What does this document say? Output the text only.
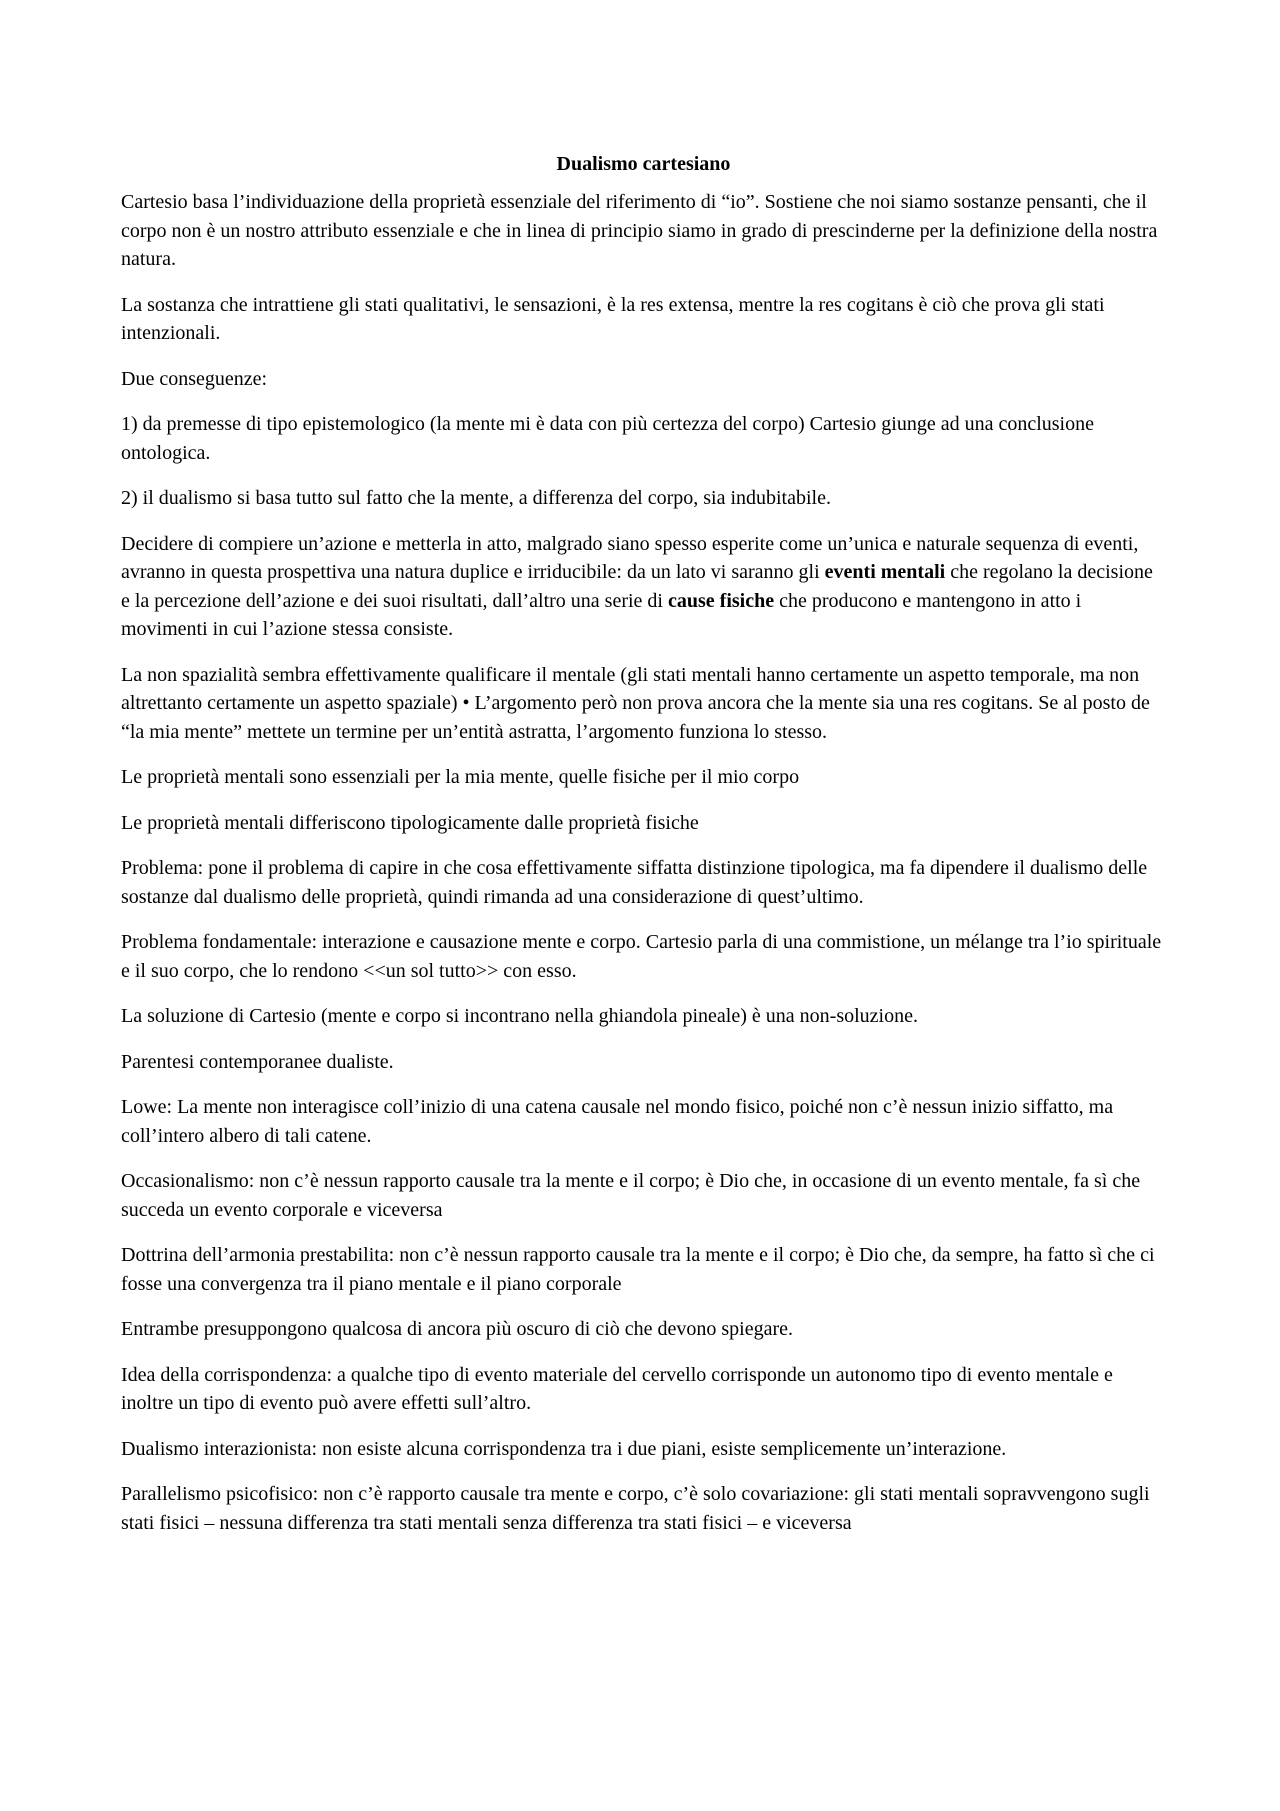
Dualismo cartesiano

Cartesio basa l’individuazione della proprietà essenziale del riferimento di “io”. Sostiene che noi siamo sostanze pensanti, che il corpo non è un nostro attributo essenziale e che in linea di principio siamo in grado di prescinderne per la definizione della nostra natura.

La sostanza che intrattiene gli stati qualitativi, le sensazioni, è la res extensa, mentre la res cogitans è ciò che prova gli stati intenzionali.

Due conseguenze:

1) da premesse di tipo epistemologico (la mente mi è data con più certezza del corpo) Cartesio giunge ad una conclusione ontologica.

2) il dualismo si basa tutto sul fatto che la mente, a differenza del corpo, sia indubitabile.

Decidere di compiere un’azione e metterla in atto, malgrado siano spesso esperite come un’unica e naturale sequenza di eventi, avranno in questa prospettiva una natura duplice e irriducibile: da un lato vi saranno gli eventi mentali che regolano la decisione e la percezione dell’azione e dei suoi risultati, dall’altro una serie di cause fisiche che producono e mantengono in atto i movimenti in cui l’azione stessa consiste.

La non spazialità sembra effettivamente qualificare il mentale (gli stati mentali hanno certamente un aspetto temporale, ma non altrettanto certamente un aspetto spaziale) • L’argomento però non prova ancora che la mente sia una res cogitans. Se al posto de “la mia mente” mettete un termine per un’entità astratta, l’argomento funziona lo stesso.

Le proprietà mentali sono essenziali per la mia mente, quelle fisiche per il mio corpo

Le proprietà mentali differiscono tipologicamente dalle proprietà fisiche

Problema: pone il problema di capire in che cosa effettivamente siffatta distinzione tipologica, ma fa dipendere il dualismo delle sostanze dal dualismo delle proprietà, quindi rimanda ad una considerazione di quest’ultimo.

Problema fondamentale: interazione e causazione mente e corpo. Cartesio parla di una commistione, un mélange tra l’io spirituale e il suo corpo, che lo rendono <<un sol tutto>> con esso.

La soluzione di Cartesio (mente e corpo si incontrano nella ghiandola pineale) è una non-soluzione.

Parentesi contemporanee dualiste.

Lowe: La mente non interagisce coll’inizio di una catena causale nel mondo fisico, poiché non c’è nessun inizio siffatto, ma coll’intero albero di tali catene.

Occasionalismo: non c’è nessun rapporto causale tra la mente e il corpo; è Dio che, in occasione di un evento mentale, fa sì che succeda un evento corporale e viceversa

Dottrina dell’armonia prestabilita: non c’è nessun rapporto causale tra la mente e il corpo; è Dio che, da sempre, ha fatto sì che ci fosse una convergenza tra il piano mentale e il piano corporale

Entrambe presuppongono qualcosa di ancora più oscuro di ciò che devono spiegare.

Idea della corrispondenza: a qualche tipo di evento materiale del cervello corrisponde un autonomo tipo di evento mentale e inoltre un tipo di evento può avere effetti sull’altro.

Dualismo interazionista: non esiste alcuna corrispondenza tra i due piani, esiste semplicemente un’interazione.

Parallelismo psicofisico: non c’è rapporto causale tra mente e corpo, c’è solo covariazione: gli stati mentali sopravvengono sugli stati fisici – nessuna differenza tra stati mentali senza differenza tra stati fisici – e viceversa
